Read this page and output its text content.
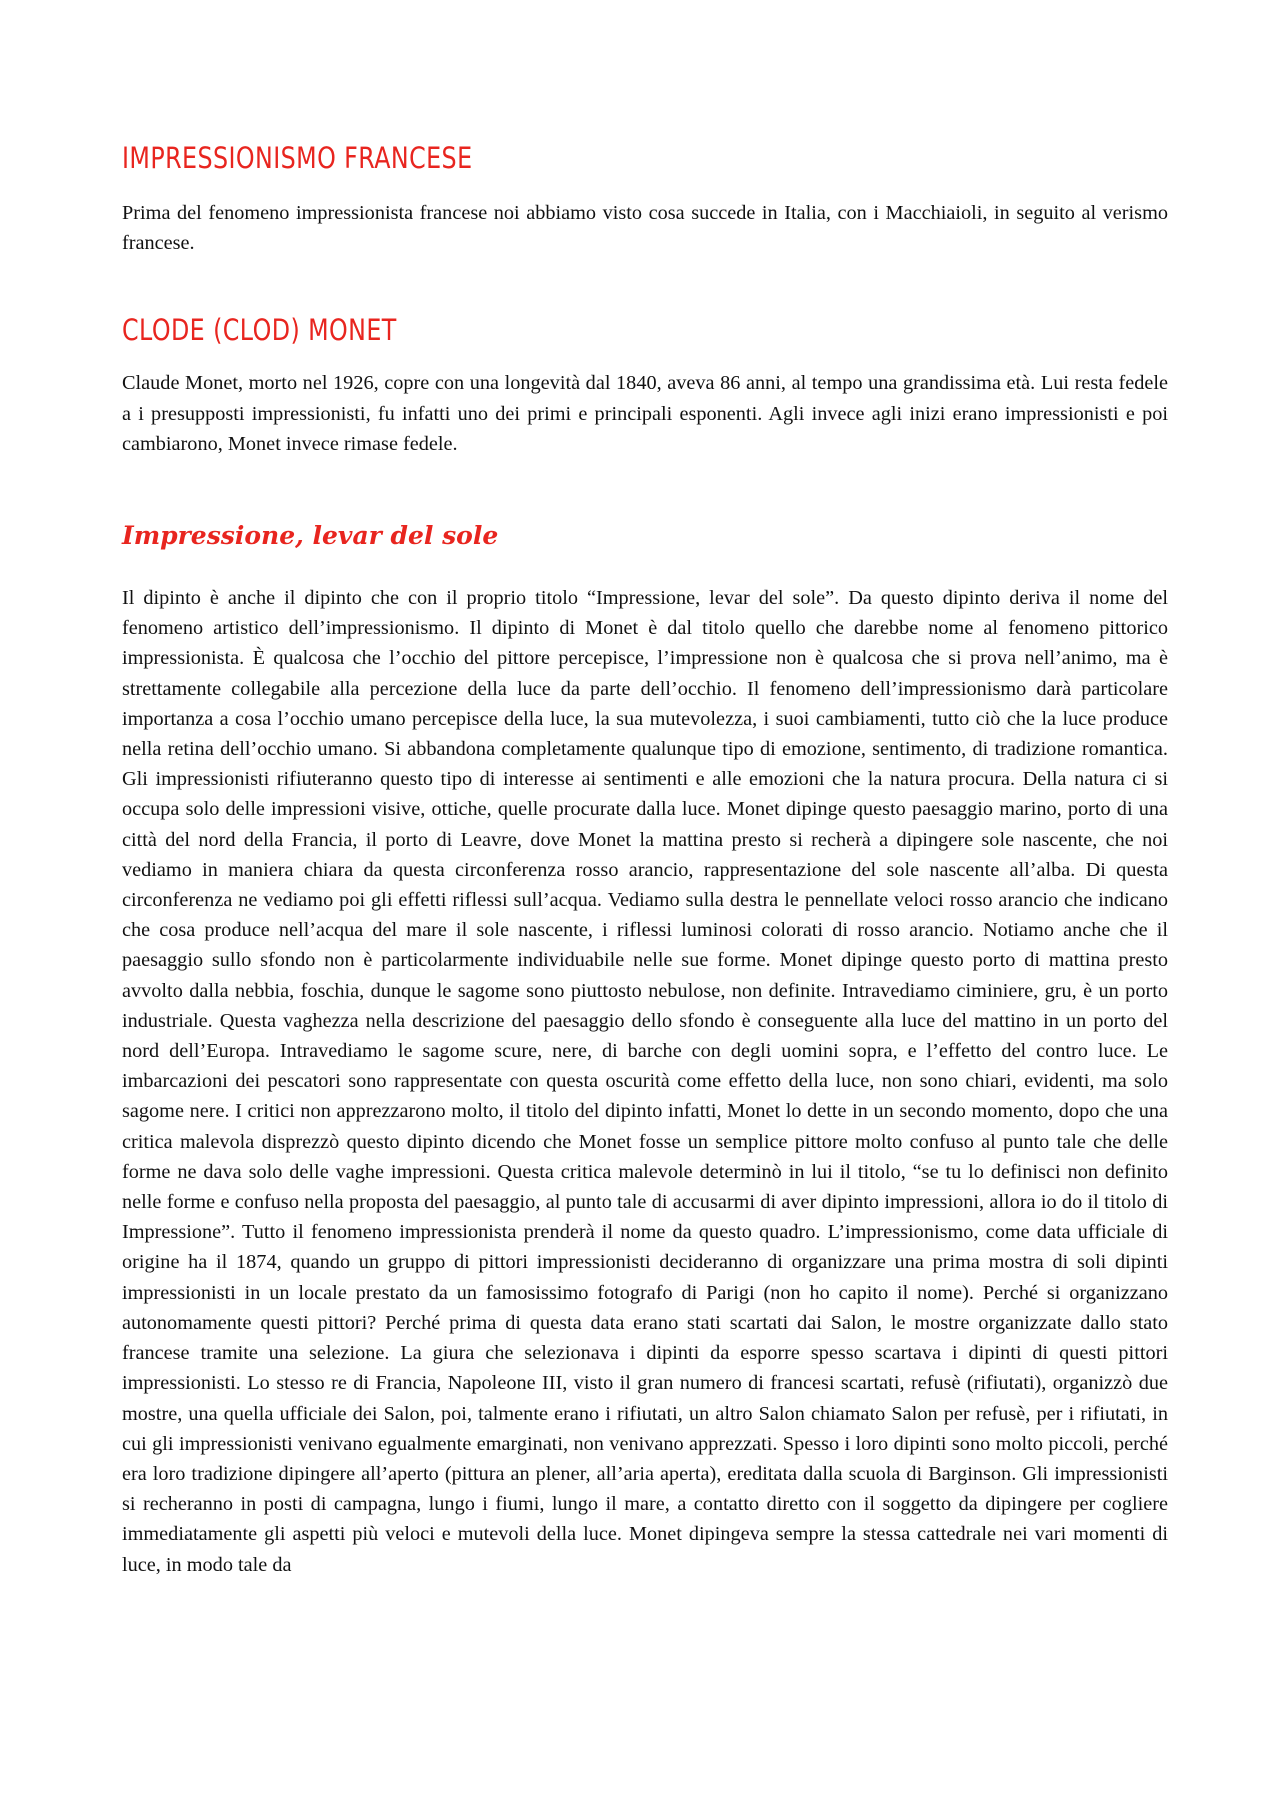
IMPRESSIONISMO FRANCESE

Prima del fenomeno impressionista francese noi abbiamo visto cosa succede in Italia, con i Macchiaioli, in seguito al verismo francese.

CLODE (CLOD) MONET

Claude Monet, morto nel 1926, copre con una longevità dal 1840, aveva 86 anni, al tempo una grandissima età. Lui resta fedele a i presupposti impressionisti, fu infatti uno dei primi e principali esponenti. Agli invece agli inizi erano impressionisti e poi cambiarono, Monet invece rimase fedele.

Impressione, levar del sole

Il dipinto è anche il dipinto che con il proprio titolo “Impressione, levar del sole”. Da questo dipinto deriva il nome del fenomeno artistico dell’impressionismo. Il dipinto di Monet è dal titolo quello che darebbe nome al fenomeno pittorico impressionista. È qualcosa che l’occhio del pittore percepisce, l’impressione non è qualcosa che si prova nell’animo, ma è strettamente collegabile alla percezione della luce da parte dell’occhio. Il fenomeno dell’impressionismo darà particolare importanza a cosa l’occhio umano percepisce della luce, la sua mutevolezza, i suoi cambiamenti, tutto ciò che la luce produce nella retina dell’occhio umano. Si abbandona completamente qualunque tipo di emozione, sentimento, di tradizione romantica. Gli impressionisti rifiuteranno questo tipo di interesse ai sentimenti e alle emozioni che la natura procura. Della natura ci si occupa solo delle impressioni visive, ottiche, quelle procurate dalla luce. Monet dipinge questo paesaggio marino, porto di una città del nord della Francia, il porto di Leavre, dove Monet la mattina presto si recherà a dipingere sole nascente, che noi vediamo in maniera chiara da questa circonferenza rosso arancio, rappresentazione del sole nascente all’alba. Di questa circonferenza ne vediamo poi gli effetti riflessi sull’acqua. Vediamo sulla destra le pennellate veloci rosso arancio che indicano che cosa produce nell’acqua del mare il sole nascente, i riflessi luminosi colorati di rosso arancio. Notiamo anche che il paesaggio sullo sfondo non è particolarmente individuabile nelle sue forme. Monet dipinge questo porto di mattina presto avvolto dalla nebbia, foschia, dunque le sagome sono piuttosto nebulose, non definite. Intravediamo ciminiere, gru, è un porto industriale. Questa vaghezza nella descrizione del paesaggio dello sfondo è conseguente alla luce del mattino in un porto del nord dell’Europa. Intravediamo le sagome scure, nere, di barche con degli uomini sopra, e l’effetto del contro luce. Le imbarcazioni dei pescatori sono rappresentate con questa oscurità come effetto della luce, non sono chiari, evidenti, ma solo sagome nere. I critici non apprezzarono molto, il titolo del dipinto infatti, Monet lo dette in un secondo momento, dopo che una critica malevola disprezzò questo dipinto dicendo che Monet fosse un semplice pittore molto confuso al punto tale che delle forme ne dava solo delle vaghe impressioni. Questa critica malevole determinò in lui il titolo, “se tu lo definisci non definito nelle forme e confuso nella proposta del paesaggio, al punto tale di accusarmi di aver dipinto impressioni, allora io do il titolo di Impressione”. Tutto il fenomeno impressionista prenderà il nome da questo quadro. L’impressionismo, come data ufficiale di origine ha il 1874, quando un gruppo di pittori impressionisti decideranno di organizzare una prima mostra di soli dipinti impressionisti in un locale prestato da un famosissimo fotografo di Parigi (non ho capito il nome). Perché si organizzano autonomamente questi pittori? Perché prima di questa data erano stati scartati dai Salon, le mostre organizzate dallo stato francese tramite una selezione. La giura che selezionava i dipinti da esporre spesso scartava i dipinti di questi pittori impressionisti. Lo stesso re di Francia, Napoleone III, visto il gran numero di francesi scartati, refusè (rifiutati), organizzò due mostre, una quella ufficiale dei Salon, poi, talmente erano i rifiutati, un altro Salon chiamato Salon per refusè, per i rifiutati, in cui gli impressionisti venivano egualmente emarginati, non venivano apprezzati. Spesso i loro dipinti sono molto piccoli, perché era loro tradizione dipingere all’aperto (pittura an plener, all’aria aperta), ereditata dalla scuola di Barginson. Gli impressionisti si recheranno in posti di campagna, lungo i fiumi, lungo il mare, a contatto diretto con il soggetto da dipingere per cogliere immediatamente gli aspetti più veloci e mutevoli della luce. Monet dipingeva sempre la stessa cattedrale nei vari momenti di luce, in modo tale da
